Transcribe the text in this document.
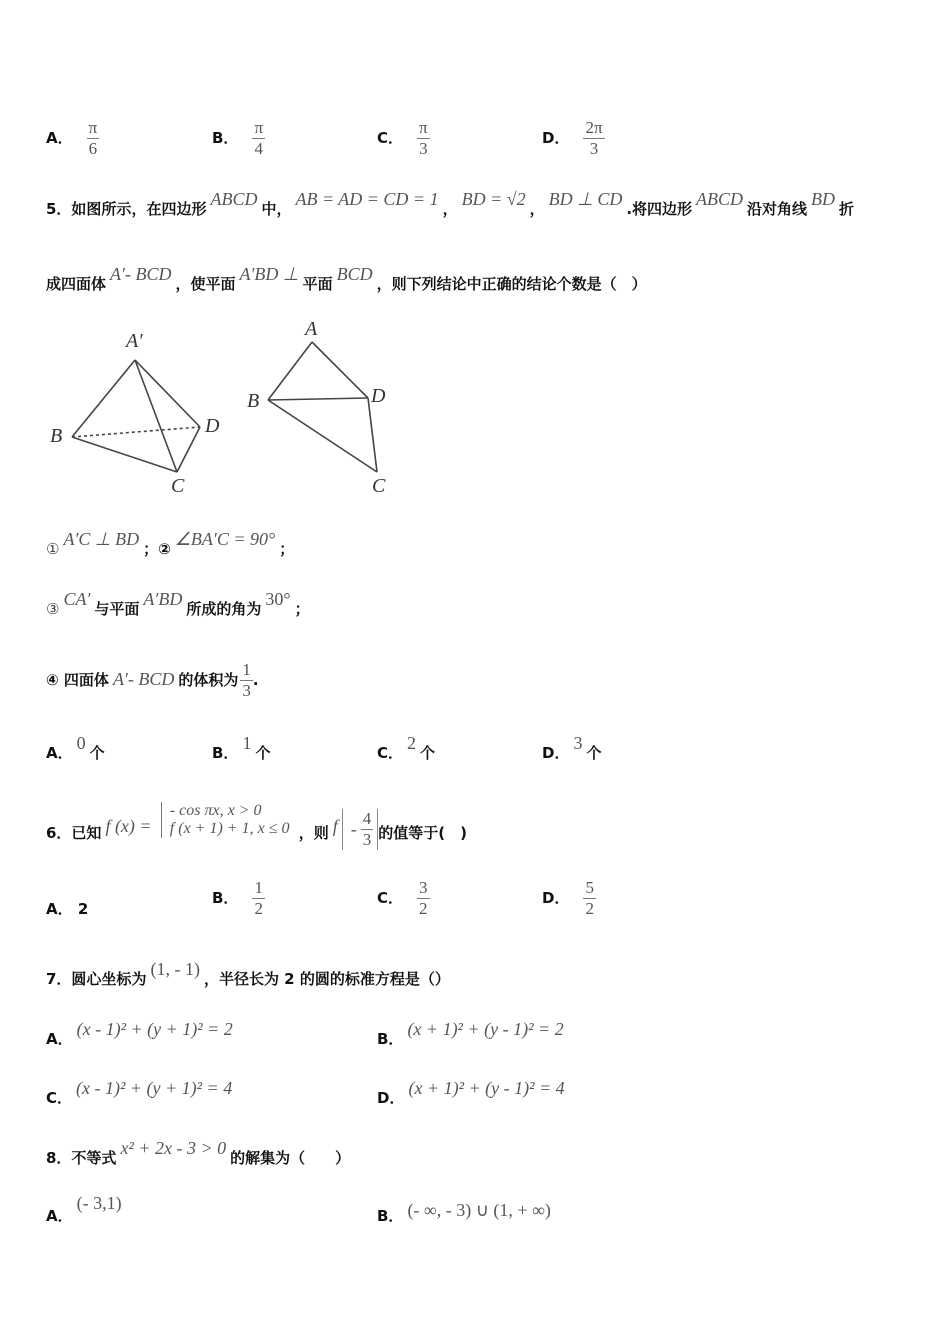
A． $\frac{\pi}{6}$	B． $\frac{\pi}{4}$	C． $\frac{\pi}{3}$	D． $\frac{2\pi}{3}$
5．如图所示，在四边形 ABCD 中， AB = AD = CD = 1 ， BD = √2 ， BD ⊥ CD .将四边形 ABCD 沿对角线 BD 折
成四面体 A′- BCD ，使平面 A′BD ⊥ 平面 BCD ，则下列结论中正确的结论个数是（　）
A′
B	D
C
A
B	D
C
① A′C ⊥ BD ；② ∠BA′C = 90° ；
③ CA′ 与平面 A′BD 所成的角为 30° ；
④ 四面体 A′- BCD 的体积为 $\frac{1}{3}$ .
A． 0 个	B． 1 个	C． 2 个	D． 3 个
6．已知 f (x) =
- cos πx, x > 0
f (x + 1) + 1, x ≤ 0 ，则 f - $\frac{4}{3}$ 的值等于(　)
A． 2
B． $\frac{1}{2}$	C． $\frac{3}{2}$	D． $\frac{5}{2}$
7．圆心坐标为 (1, - 1) ，半径长为 2 的圆的标准方程是（）
A． (x - 1)² + (y + 1)² = 2	B． (x + 1)² + (y - 1)² = 2
C． (x - 1)² + (y + 1)² = 4	D． (x + 1)² + (y - 1)² = 4
8．不等式 x² + 2x - 3 > 0 的解集为（　　）
A．(- 3,1)
B． (- ∞, - 3) ∪ (1, + ∞)
